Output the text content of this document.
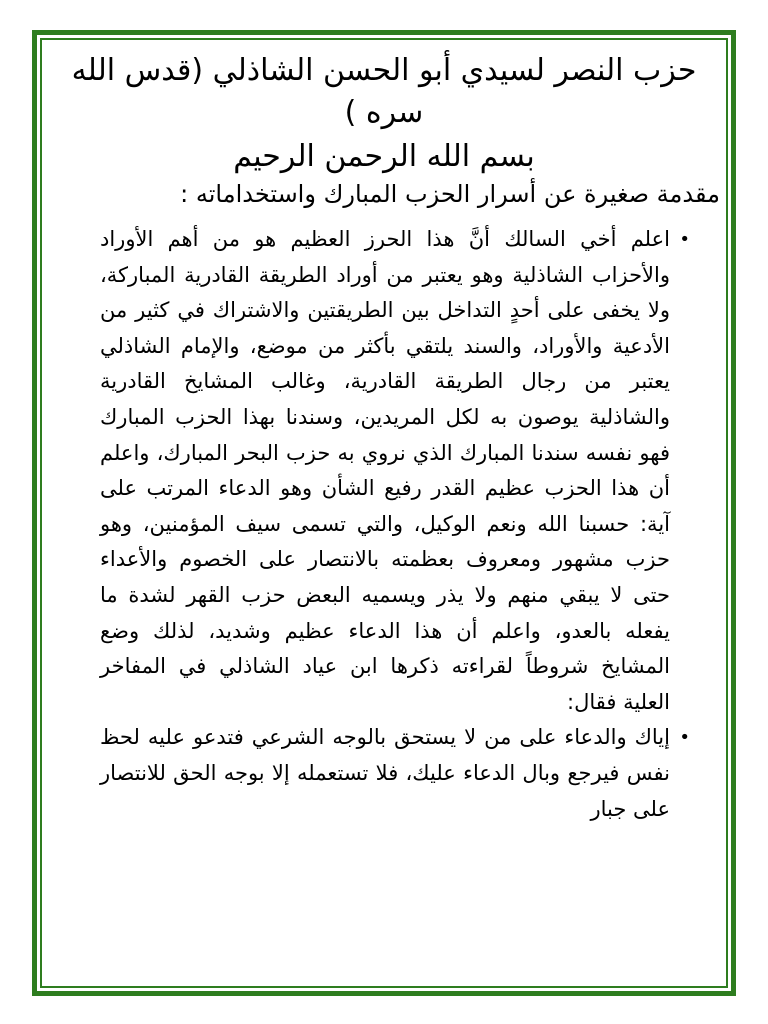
حزب النصر لسيدي أبو الحسن الشاذلي (قدس الله سره )
بسم الله الرحمن الرحيم

مقدمة صغيرة عن أسرار الحزب المبارك واستخداماته :

•
اعلم أخي السالك أنَّ هذا الحرز العظيم هو من أهم الأوراد والأحزاب الشاذلية وهو يعتبر من أوراد الطريقة القادرية المباركة، ولا يخفى على أحدٍ التداخل بين الطريقتين والاشتراك في كثير من الأدعية والأوراد، والسند يلتقي بأكثر من موضع، والإمام الشاذلي يعتبر من رجال الطريقة القادرية، وغالب المشايخ القادرية والشاذلية يوصون به لكل المريدين، وسندنا بهذا الحزب المبارك فهو نفسه سندنا المبارك الذي نروي به حزب البحر المبارك، واعلم أن هذا الحزب عظيم القدر رفيع الشأن وهو الدعاء المرتب على آية: حسبنا الله ونعم الوكيل، والتي تسمى سيف المؤمنين، وهو حزب مشهور ومعروف بعظمته بالانتصار على الخصوم والأعداء حتى لا يبقي منهم ولا يذر ويسميه البعض حزب القهر لشدة ما يفعله بالعدو، واعلم أن هذا الدعاء عظيم وشديد، لذلك وضع المشايخ شروطاً لقراءته ذكرها ابن عياد الشاذلي في المفاخر العلية فقال:
•
إياك والدعاء على من لا يستحق بالوجه الشرعي فتدعو عليه لحظ نفس فيرجع وبال الدعاء عليك، فلا تستعمله إلا بوجه الحق للانتصار على جبار
